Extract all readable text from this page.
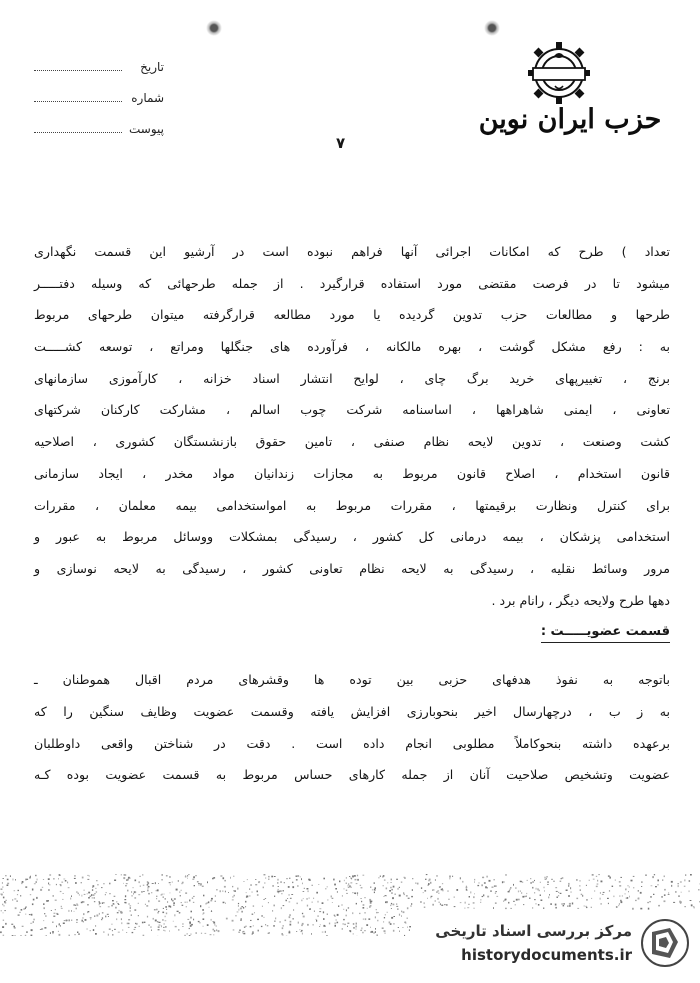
تاریخ
شماره
پیوست
۷
حزب ایران نوین
تعداد ) طرح که امکانات اجرائی آنها فراهم نبوده است در آرشیو این قسمت نگهداری
میشود تا در فرصت مقتضی مورد استفاده قرارگیرد . از جمله طرحهائی که وسیله دفتـــــر
طرحها و مطالعات حزب تدوین گردیده یا مورد مطالعه قرارگرفته میتوان طرحهای مربوط
به : رفع مشکل گوشت ، بهره مالکانه ، فرآورده های جنگلها ومراتع ، توسعه کشـــــت
برنج ، تغییرپهای خرید برگ چای ، لوایح انتشار اسناد خزانه ، کارآموزی سازمانهای
تعاونی ، ایمنی شاهراهها ، اساسنامه شرکت چوب اسالم ، مشارکت کارکنان شرکتهای
کشت وصنعت ، تدوین لایحه نظام صنفی ، تامین حقوق بازنشستگان کشوری ، اصلاحیه
قانون استخدام ، اصلاح قانون مربوط به مجازات زندانیان مواد مخدر ، ایجاد سازمانی
برای کنترل ونظارت برقیمتها ، مقررات مربوط به امواستخدامی بیمه معلمان ، مقررات
استخدامی پزشکان ، بیمه درمانی کل کشور ، رسیدگی بمشکلات ووسائل مربوط به عبور و
مرور وسائط نقلیه ، رسیدگی به لایحه نظام تعاونی کشور ، رسیدگی به لایحه نوسازی و
دهها طرح ولایحه دیگر ، رانام برد .
قسمت عضویـــــت :
باتوجه به نفوذ هدفهای حزبی بین توده ها وقشرهای مردم اقبال هموطنان ـ
به ز ب ، درچهارسال اخیر بنحوبارزی افزایش یافته وقسمت عضویت وظایف سنگین را که
برعهده داشته بنحوکاملاً مطلوبی انجام داده است . دقت در شناختن واقعی داوطلبان
عضویت وتشخیص صلاحیت آنان از جمله کارهای حساس مربوط به قسمت عضویت بوده کـه
مرکز بررسی اسناد تاریخی
historydocuments.ir
